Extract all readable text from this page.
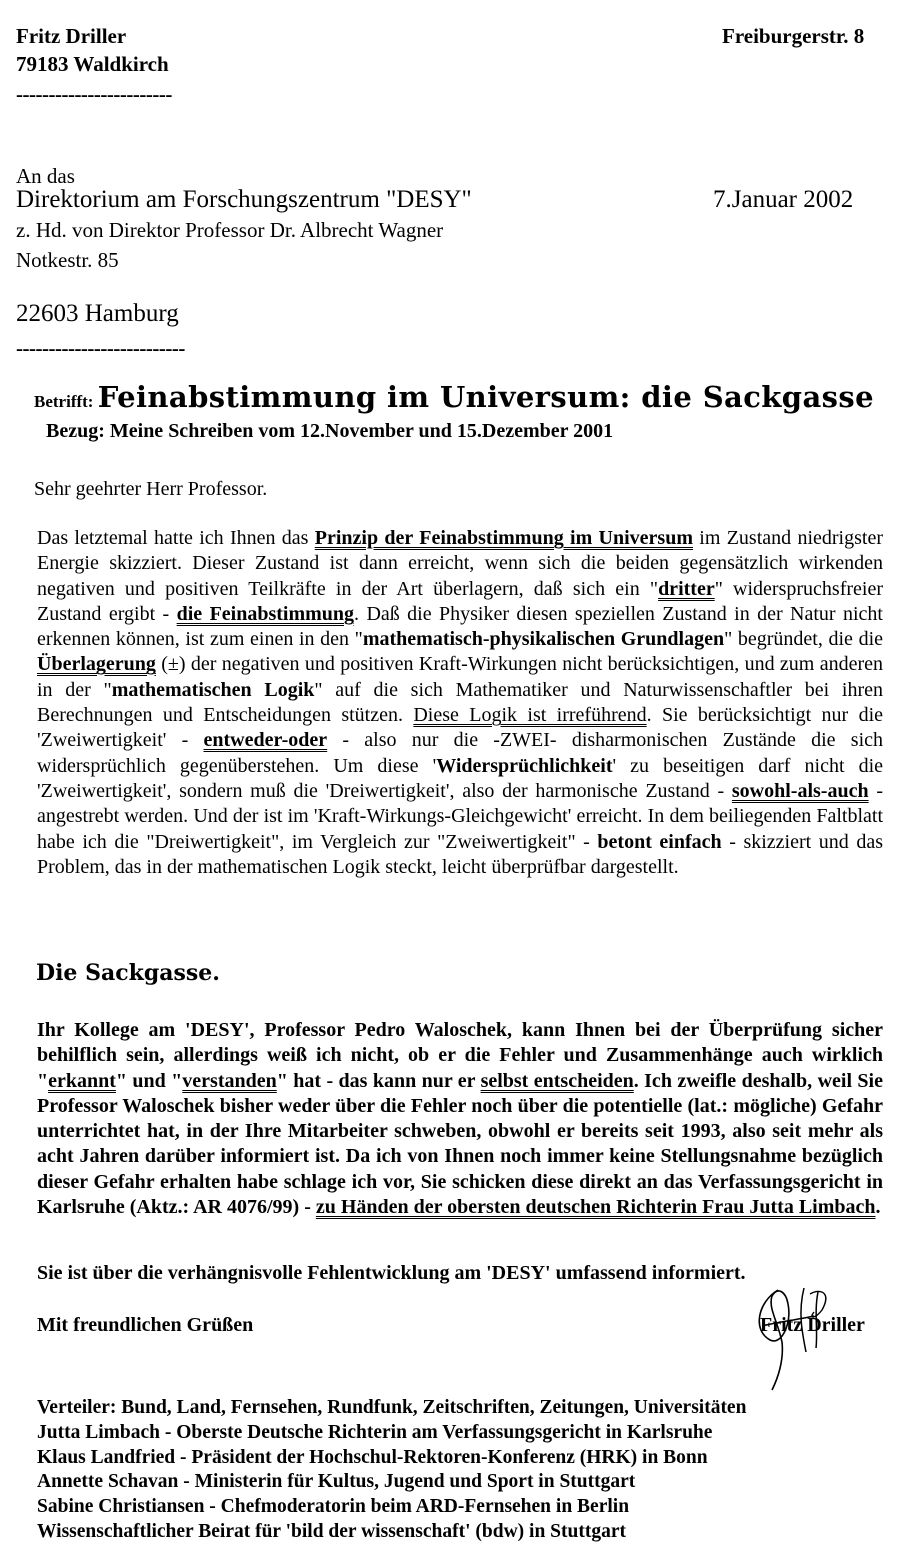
Fritz Driller
79183 Waldkirch
------------------------
Freiburgerstr. 8
An das
Direktorium am Forschungszentrum "DESY"	7.Januar 2002
z. Hd. von Direktor Professor Dr. Albrecht Wagner
Notkestr. 85
22603 Hamburg
--------------------------
Betrifft: Feinabstimmung im Universum: die Sackgasse
Bezug: Meine Schreiben vom 12.November und 15.Dezember 2001
Sehr geehrter Herr Professor.
Das letztemal hatte ich Ihnen das Prinzip der Feinabstimmung im Universum im Zustand niedrigster Energie skizziert. Dieser Zustand ist dann erreicht, wenn sich die beiden gegensätzlich wirkenden negativen und positiven Teilkräfte in der Art überlagern, daß sich ein "dritter" widerspruchsfreier Zustand ergibt - die Feinabstimmung. Daß die Physiker diesen speziellen Zustand in der Natur nicht erkennen können, ist zum einen in den "mathematisch-physikalischen Grundlagen" begründet, die die Überlagerung (±) der negativen und positiven Kraft-Wirkungen nicht berücksichtigen, und zum anderen in der "mathematischen Logik" auf die sich Mathematiker und Naturwissenschaftler bei ihren Berechnungen und Entscheidungen stützen. Diese Logik ist irreführend. Sie berücksichtigt nur die 'Zweiwertigkeit' - entweder-oder - also nur die -ZWEI- disharmonischen Zustände die sich widersprüchlich gegenüberstehen. Um diese 'Widersprüchlichkeit' zu beseitigen darf nicht die 'Zweiwertigkeit', sondern muß die 'Dreiwertigkeit', also der harmonische Zustand - sowohl-als-auch - angestrebt werden. Und der ist im 'Kraft-Wirkungs-Gleichgewicht' erreicht. In dem beiliegenden Faltblatt habe ich die "Dreiwertigkeit", im Vergleich zur "Zweiwertigkeit" - betont einfach - skizziert und das Problem, das in der mathematischen Logik steckt, leicht überprüfbar dargestellt.
Die Sackgasse.
Ihr Kollege am 'DESY', Professor Pedro Waloschek, kann Ihnen bei der Überprüfung sicher behilflich sein, allerdings weiß ich nicht, ob er die Fehler und Zusammenhänge auch wirklich "erkannt" und "verstanden" hat - das kann nur er selbst entscheiden. Ich zweifle deshalb, weil Sie Professor Waloschek bisher weder über die Fehler noch über die potentielle (lat.: mögliche) Gefahr unterrichtet hat, in der Ihre Mitarbeiter schweben, obwohl er bereits seit 1993, also seit mehr als acht Jahren darüber informiert ist. Da ich von Ihnen noch immer keine Stellungsnahme bezüglich dieser Gefahr erhalten habe schlage ich vor, Sie schicken diese direkt an das Verfassungsgericht in Karlsruhe (Aktz.: AR 4076/99) - zu Händen der obersten deutschen Richterin Frau Jutta Limbach.
Sie ist über die verhängnisvolle Fehlentwicklung am 'DESY' umfassend informiert.
Mit freundlichen Grüßen	Fritz Driller
Verteiler: Bund, Land, Fernsehen, Rundfunk, Zeitschriften, Zeitungen, Universitäten
Jutta Limbach - Oberste Deutsche Richterin am Verfassungsgericht in Karlsruhe
Klaus Landfried - Präsident der Hochschul-Rektoren-Konferenz (HRK) in Bonn
Annette Schavan - Ministerin für Kultus, Jugend und Sport in Stuttgart
Sabine Christiansen - Chefmoderatorin beim ARD-Fernsehen in Berlin
Wissenschaftlicher Beirat für 'bild der wissenschaft' (bdw) in Stuttgart
